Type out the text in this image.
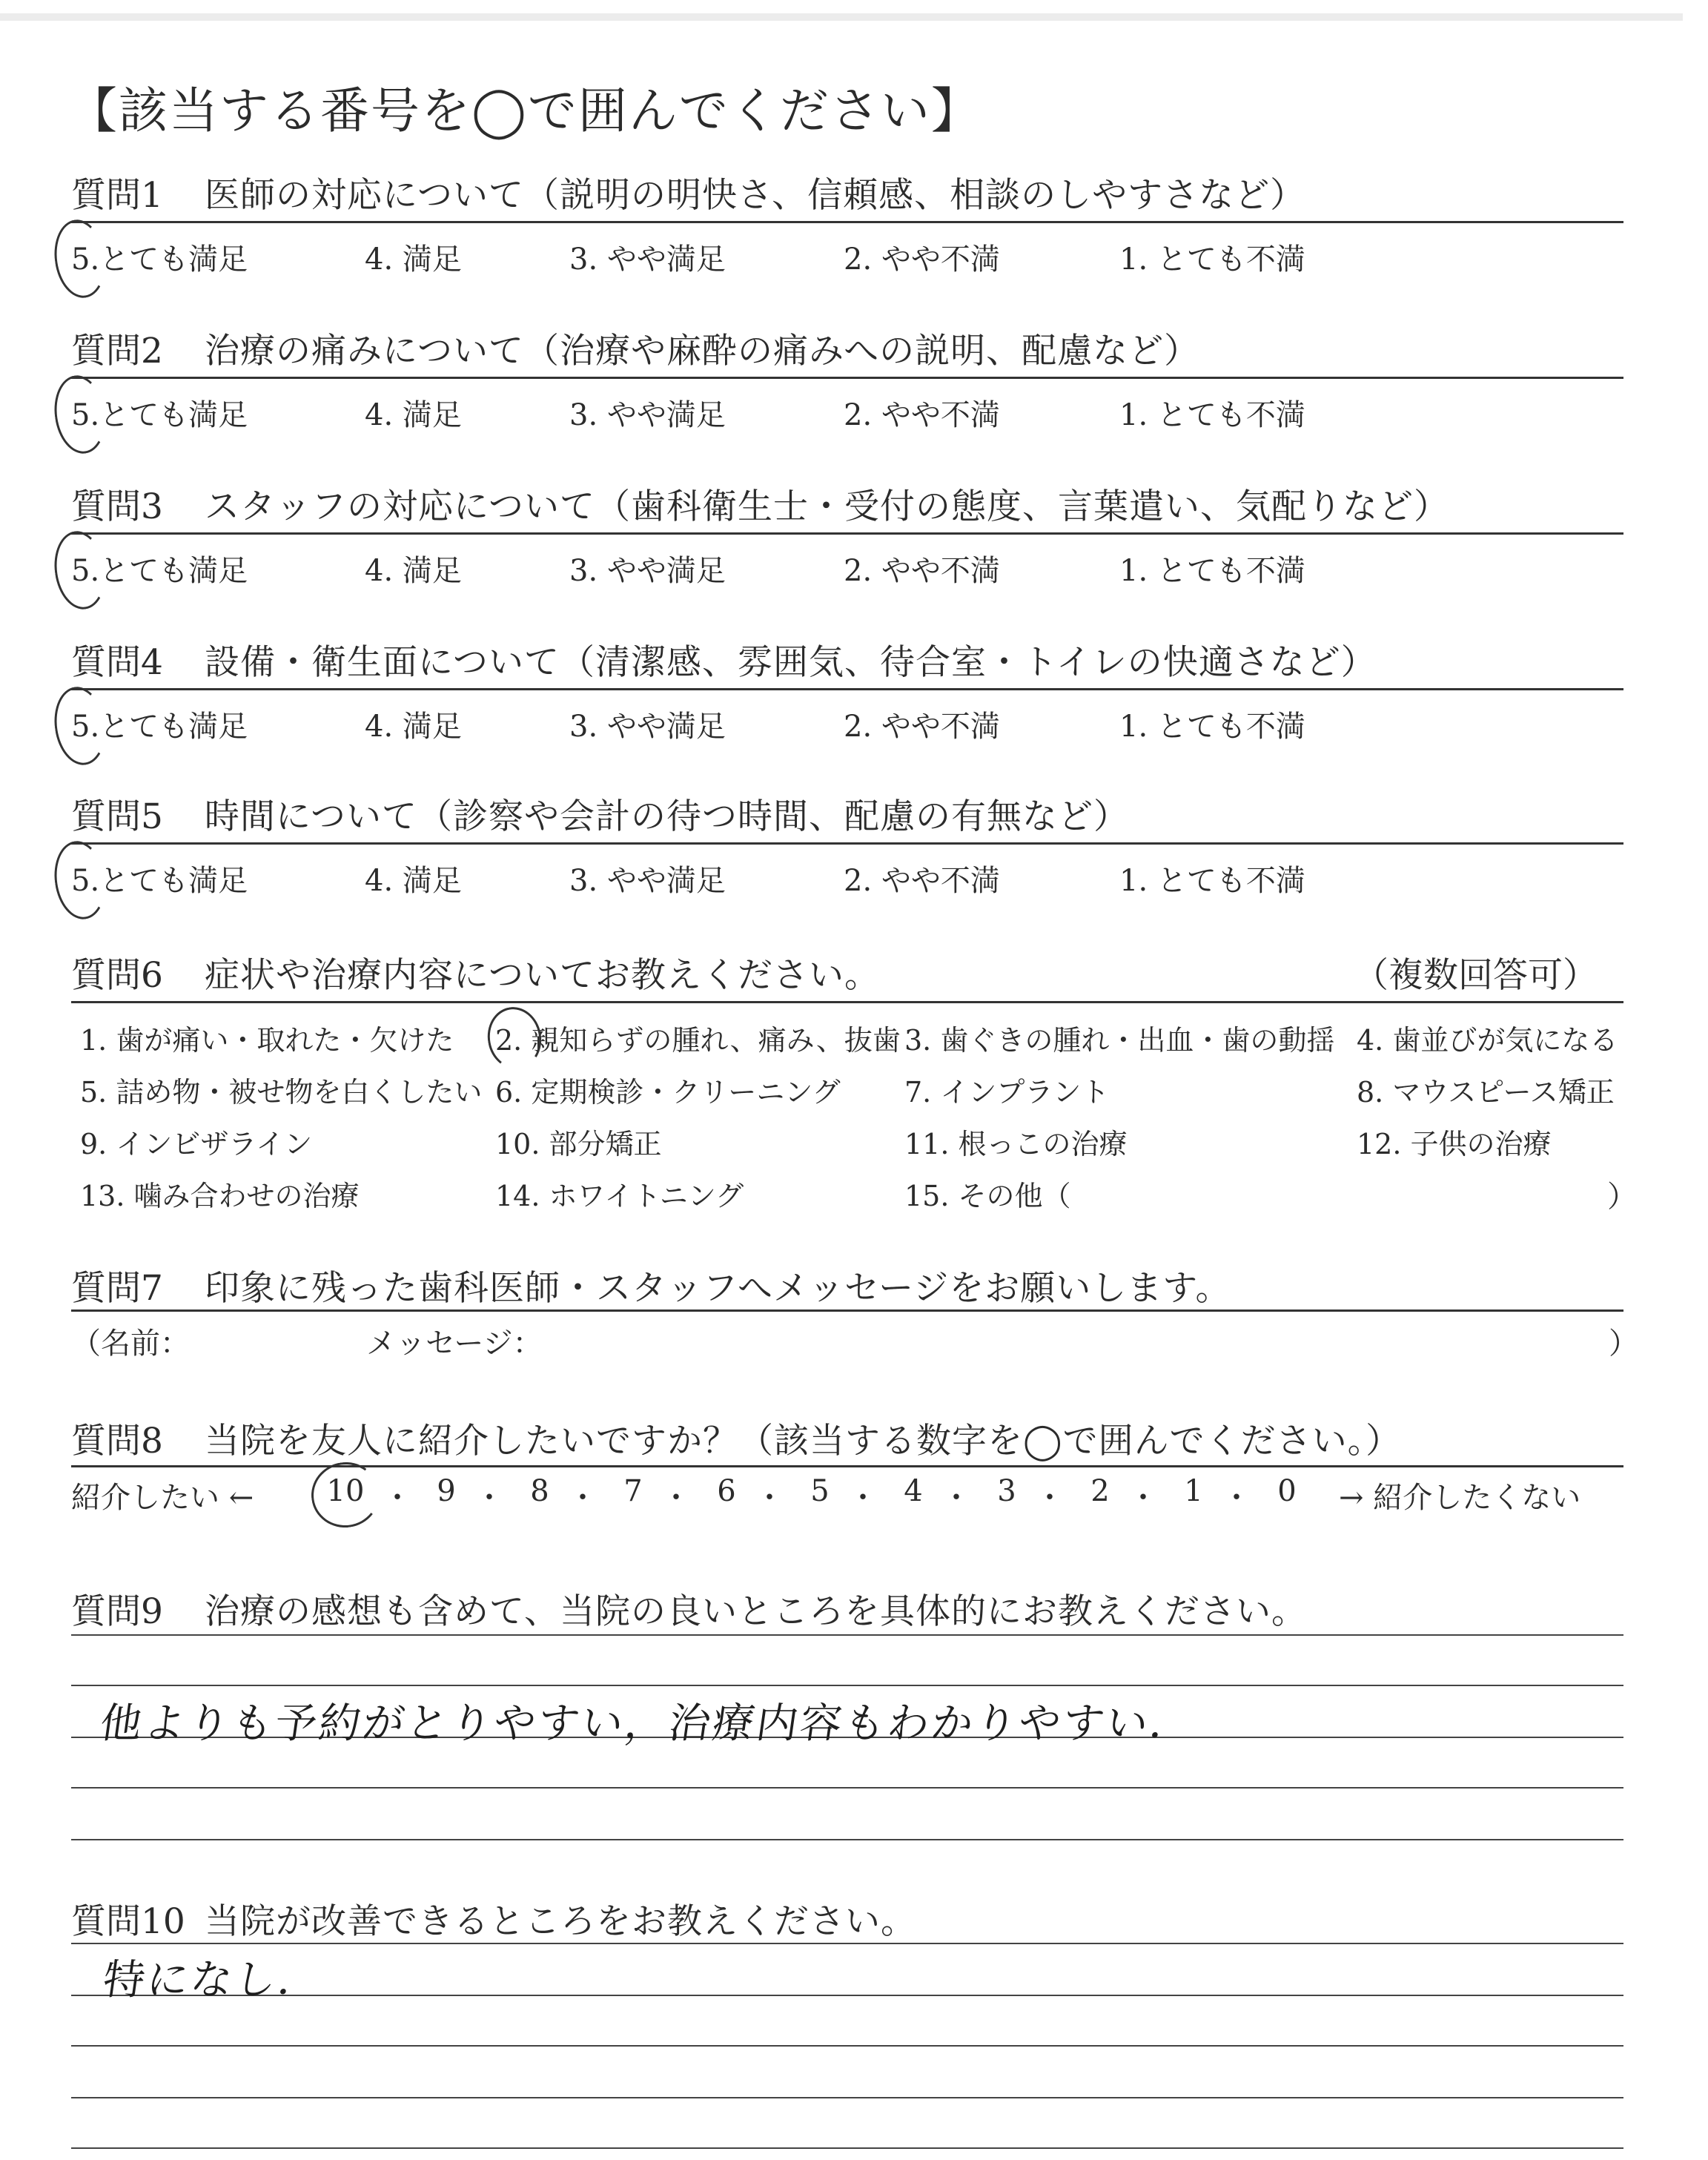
【該当する番号を◯で囲んでください】
質問1 医師の対応について（説明の明快さ、信頼感、相談のしやすさなど）
5.とても満足	4. 満足	3. やや満足	2. やや不満	1. とても不満
質問2 治療の痛みについて（治療や麻酔の痛みへの説明、配慮など）
5.とても満足	4. 満足	3. やや満足	2. やや不満	1. とても不満
質問3 スタッフの対応について（歯科衛生士・受付の態度、言葉遣い、気配りなど）
5.とても満足	4. 満足	3. やや満足	2. やや不満	1. とても不満
質問4 設備・衛生面について（清潔感、雰囲気、待合室・トイレの快適さなど）
5.とても満足	4. 満足	3. やや満足	2. やや不満	1. とても不満
質問5 時間について（診察や会計の待つ時間、配慮の有無など）
5.とても満足	4. 満足	3. やや満足	2. やや不満	1. とても不満
質問6 症状や治療内容についてお教えください。	（複数回答可）
1. 歯が痛い・取れた・欠けた 2. 親知らずの腫れ、痛み、抜歯 3. 歯ぐきの腫れ・出血・歯の動揺 4. 歯並びが気になる
5. 詰め物・被せ物を白くしたい 6. 定期検診・クリーニング 7. インプラント	8. マウスピース矯正
9. インビザライン	10. 部分矯正	11. 根っこの治療	12. 子供の治療
13. 噛み合わせの治療	14. ホワイトニング	15. その他（	）
質問7 印象に残った歯科医師・スタッフへメッセージをお願いします。
（名前：	メッセージ：	）
質問8 当院を友人に紹介したいですか？（該当する数字を◯で囲んでください。）
紹介したい ← 10 ・ 9 ・ 8 ・ 7 ・ 6 ・ 5 ・ 4 ・ 3 ・ 2 ・ 1 ・ 0	→ 紹介したくない
質問9 治療の感想も含めて、当院の良いところを具体的にお教えください。
他よりも予約がとりやすい，治療内容もわかりやすい．
質問10 当院が改善できるところをお教えください。
特になし．
